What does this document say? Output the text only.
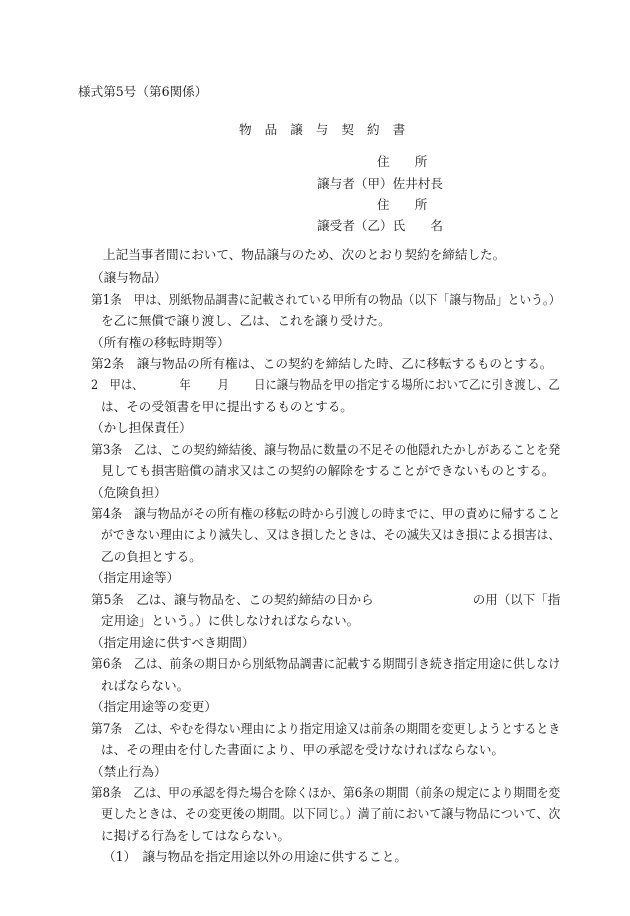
様式第5号（第6関係）
物品譲与契約書
住　　所
譲与者（甲）佐井村長
住　　所
譲受者（乙）氏　　名
上記当事者間において、物品譲与のため、次のとおり契約を締結した。
（譲与物品）
第1条　甲は、別紙物品調書に記載されている甲所有の物品（以下「譲与物品」という。）
を乙に無償で譲り渡し、乙は、これを譲り受けた。
（所有権の移転時期等）
第2条　譲与物品の所有権は、この契約を締結した時、乙に移転するものとする。
2　甲は、	年 月 日に譲与物品を甲の指定する場所において乙に引き渡し、乙
は、その受領書を甲に提出するものとする。
（かし担保責任）
第3条　乙は、この契約締結後、譲与物品に数量の不足その他隠れたかしがあることを発
見しても損害賠償の請求又はこの契約の解除をすることができないものとする。
（危険負担）
第4条　譲与物品がその所有権の移転の時から引渡しの時までに、甲の責めに帰すること
ができない理由により滅失し、又はき損したときは、その滅失又はき損による損害は、
乙の負担とする。
（指定用途等）
第5条　乙は、譲与物品を、この契約締結の日から	の用（以下「指
定用途」という。）に供しなければならない。
（指定用途に供すべき期間）
第6条　乙は、前条の期日から別紙物品調書に記載する期間引き続き指定用途に供しなけ
ればならない。
（指定用途等の変更）
第7条　乙は、やむを得ない理由により指定用途又は前条の期間を変更しようとするとき
は、その理由を付した書面により、甲の承認を受けなければならない。
（禁止行為）
第8条　乙は、甲の承認を得た場合を除くほか、第6条の期間（前条の規定により期間を変
更したときは、その変更後の期間。以下同じ。）満了前において譲与物品について、次
に掲げる行為をしてはならない。
（1）　譲与物品を指定用途以外の用途に供すること。
